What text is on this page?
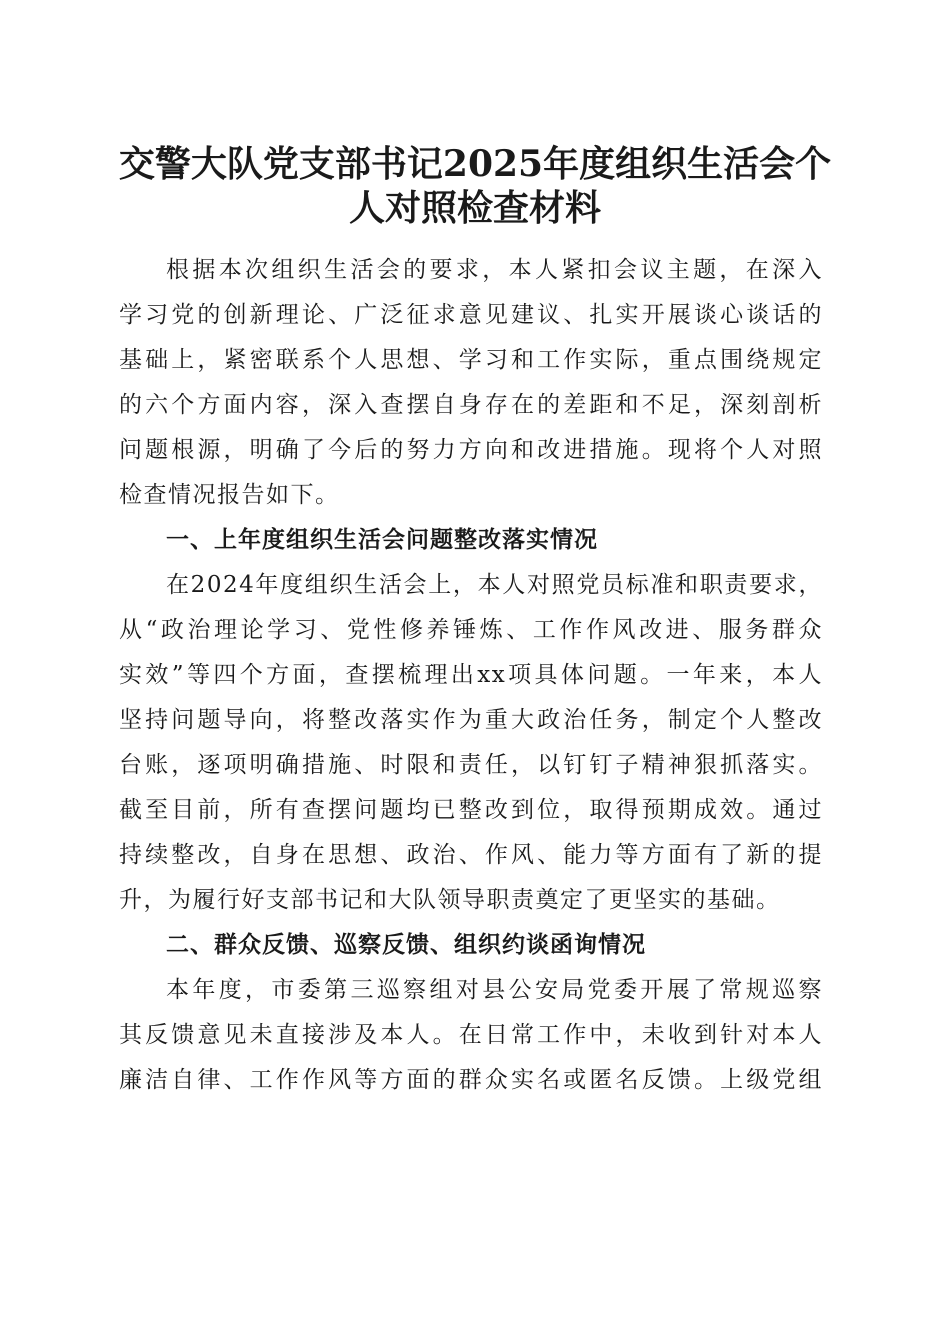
交警大队党支部书记2025年度组织生活会个
人对照检查材料
根据本次组织生活会的要求，本人紧扣会议主题，在深入
学习党的创新理论、广泛征求意见建议、扎实开展谈心谈话的
基础上，紧密联系个人思想、学习和工作实际，重点围绕规定
的六个方面内容，深入查摆自身存在的差距和不足，深刻剖析
问题根源，明确了今后的努力方向和改进措施。现将个人对照
检查情况报告如下。
一、上年度组织生活会问题整改落实情况
在2024年度组织生活会上，本人对照党员标准和职责要求，
从“政治理论学习、党性修养锤炼、工作作风改进、服务群众
实效”等四个方面，查摆梳理出xx项具体问题。一年来，本人
坚持问题导向，将整改落实作为重大政治任务，制定个人整改
台账，逐项明确措施、时限和责任，以钉钉子精神狠抓落实。
截至目前，所有查摆问题均已整改到位，取得预期成效。通过
持续整改，自身在思想、政治、作风、能力等方面有了新的提
升，为履行好支部书记和大队领导职责奠定了更坚实的基础。
二、群众反馈、巡察反馈、组织约谈函询情况
本年度，市委第三巡察组对县公安局党委开展了常规巡察
其反馈意见未直接涉及本人。在日常工作中，未收到针对本人
廉洁自律、工作作风等方面的群众实名或匿名反馈。上级党组
